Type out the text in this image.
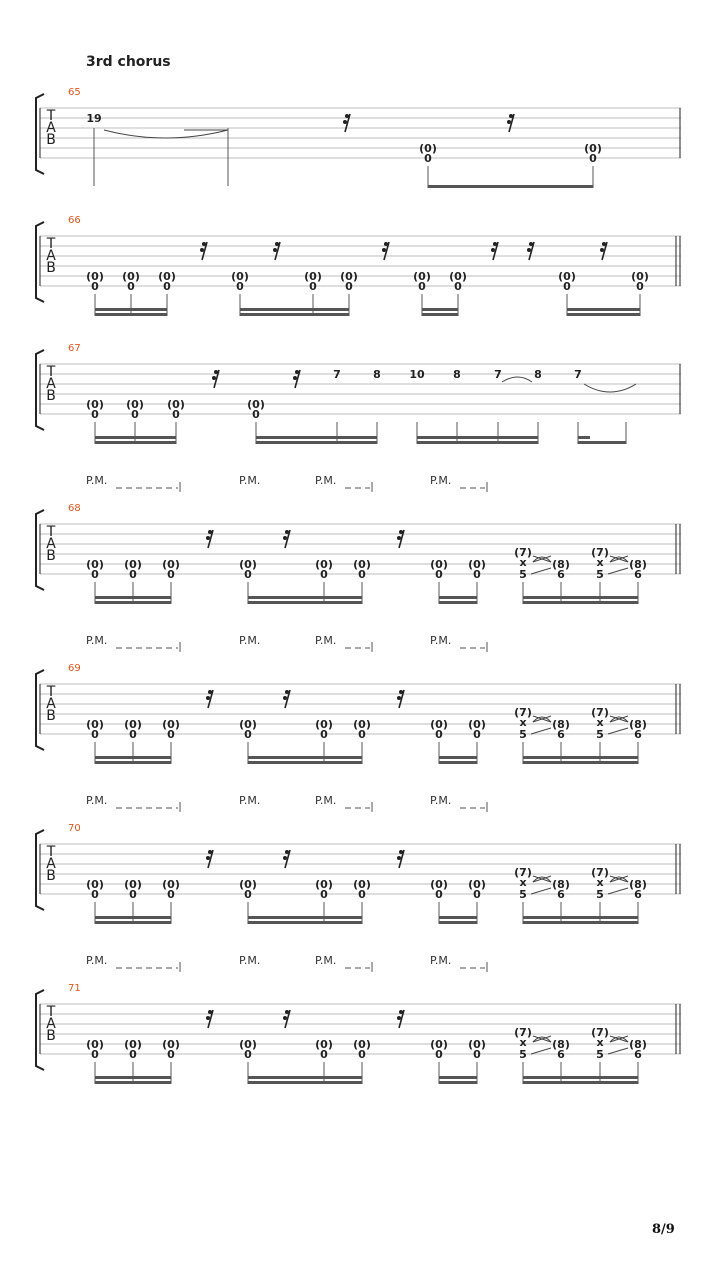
3rd chorus
T
A
B
65
19
(0)
0
(0)
0
T
A
B
66
(0)
0
(0)
0
(0)
0
(0)
0
(0)
0
(0)
0
(0)
0
(0)
0
(0)
0
(0)
0
T
A
B
67
(0)
0
(0)
0
(0)
0
(0)
0
7	8	10	8	7	8	7
T
A
B
68
P.M.	P.M.	P.M.	P.M.
(0)
0
(0)
0
(0)
0
(0)
0
(0)
0
(0)
0
(0)
0
(0)
0
(7)
x
5
(8)
6
(7)
x
5
(8)
6
T
A
B
69
P.M.	P.M.	P.M.	P.M.
(0)
0
(0)
0
(0)
0
(0)
0
(0)
0
(0)
0
(0)
0
(0)
0
(7)
x
5
(8)
6
(7)
x
5
(8)
6
T
A
B
70
P.M.	P.M.	P.M.	P.M.
(0)
0
(0)
0
(0)
0
(0)
0
(0)
0
(0)
0
(0)
0
(0)
0
(7)
x
5
(8)
6
(7)
x
5
(8)
6
T
A
B
71
P.M.	P.M.	P.M.	P.M.
(0)
0
(0)
0
(0)
0
(0)
0
(0)
0
(0)
0
(0)
0
(0)
0
(7)
x
5
(8)
6
(7)
x
5
(8)
6
8/9
